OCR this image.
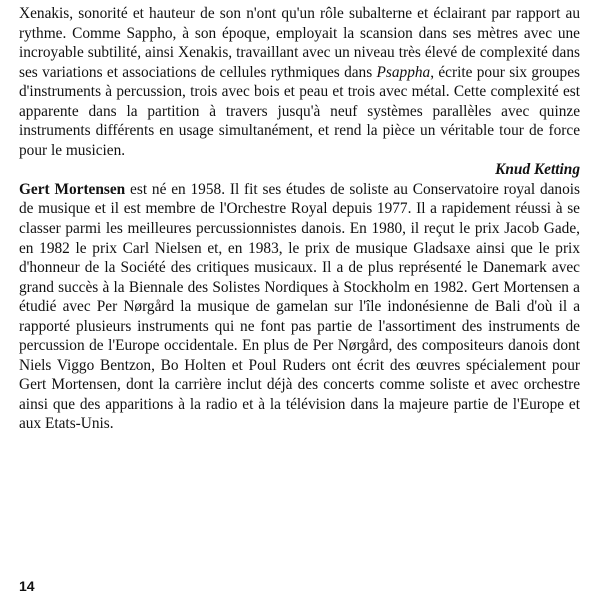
Xenakis, sonorité et hauteur de son n'ont qu'un rôle subalterne et éclairant par rapport au rythme. Comme Sappho, à son époque, employait la scansion dans ses mètres avec une incroyable subtilité, ainsi Xenakis, travaillant avec un niveau très élevé de complexité dans ses variations et associations de cellules rythmiques dans Psappha, écrite pour six groupes d'instruments à percussion, trois avec bois et peau et trois avec métal. Cette complexité est apparente dans la partition à travers jusqu'à neuf systèmes parallèles avec quinze instruments différents en usage simultanément, et rend la pièce un véritable tour de force pour le musicien.

Knud Ketting

Gert Mortensen est né en 1958. Il fit ses études de soliste au Conservatoire royal danois de musique et il est membre de l'Orchestre Royal depuis 1977. Il a rapidement réussi à se classer parmi les meilleures percussionnistes danois. En 1980, il reçut le prix Jacob Gade, en 1982 le prix Carl Nielsen et, en 1983, le prix de musique Gladsaxe ainsi que le prix d'honneur de la Société des critiques musicaux. Il a de plus représenté le Danemark avec grand succès à la Biennale des Solistes Nordiques à Stockholm en 1982. Gert Mortensen a étudié avec Per Nørgård la musique de gamelan sur l'île indonésienne de Bali d'où il a rapporté plusieurs instruments qui ne font pas partie de l'assortiment des instruments de percussion de l'Europe occidentale. En plus de Per Nørgård, des compositeurs danois dont Niels Viggo Bentzon, Bo Holten et Poul Ruders ont écrit des œuvres spécialement pour Gert Mortensen, dont la carrière inclut déjà des concerts comme soliste et avec orchestre ainsi que des apparitions à la radio et à la télévision dans la majeure partie de l'Europe et aux Etats-Unis.

14
